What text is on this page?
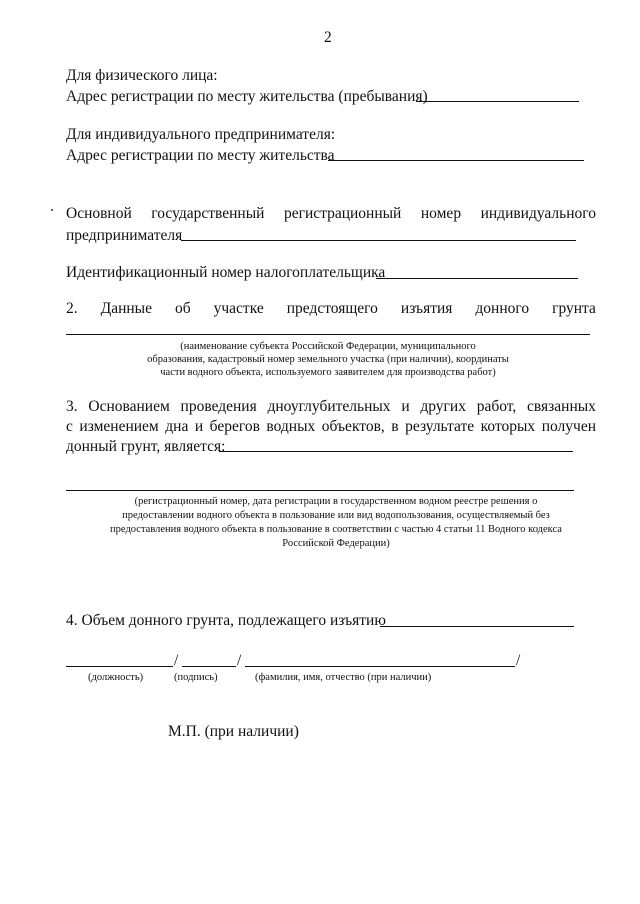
2
Для физического лица:
Адрес регистрации по месту жительства (пребывания)
Для индивидуального предпринимателя:
Адрес регистрации по месту жительства
Основной государственный регистрационный номер индивидуального
предпринимателя
Идентификационный номер налогоплательщика
2. Данные об участке предстоящего изъятия донного грунта
(наименование субъекта Российской Федерации, муниципального
образования, кадастровый номер земельного участка (при наличии), координаты
части водного объекта, используемого заявителем для производства работ)
3. Основанием проведения дноуглубительных и других работ, связанных
с изменением дна и берегов водных объектов, в результате которых получен
донный грунт, является:
(регистрационный номер, дата регистрации в государственном водном реестре решения о
предоставлении водного объекта в пользование или вид водопользования, осуществляемый без
предоставления водного объекта в пользование в соответствии с частью 4 статьи 11 Водного кодекса
Российской Федерации)
4. Объем донного грунта, подлежащего изъятию
/	/	/
(должность)	(подпись)	(фамилия, имя, отчество (при наличии)
М.П. (при наличии)
